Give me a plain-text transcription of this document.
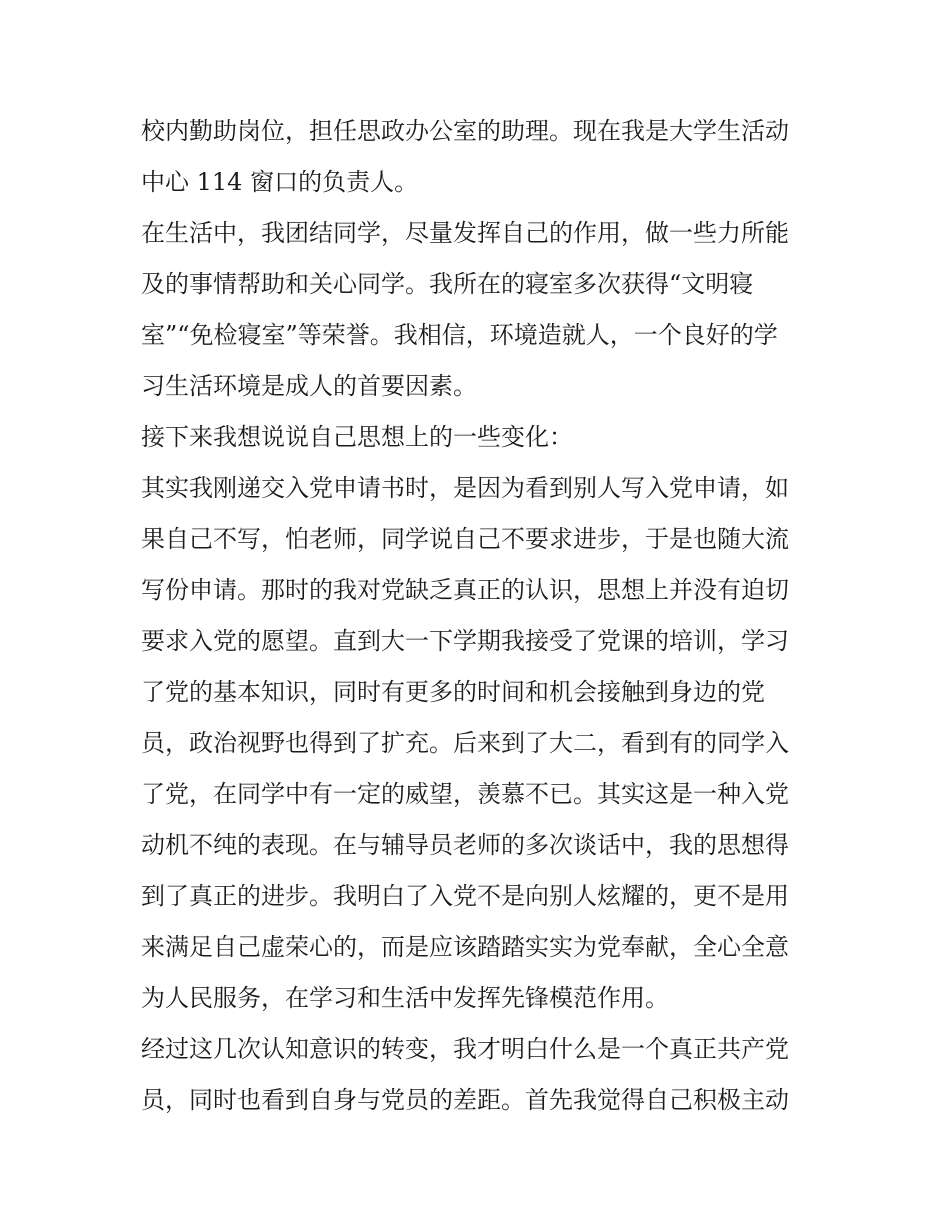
校内勤助岗位，担任思政办公室的助理。现在我是大学生活动
中心 114 窗口的负责人。
在生活中，我团结同学，尽量发挥自己的作用，做一些力所能
及的事情帮助和关心同学。我所在的寝室多次获得“文明寝
室”“免检寝室”等荣誉。我相信，环境造就人，一个良好的学
习生活环境是成人的首要因素。
接下来我想说说自己思想上的一些变化：
其实我刚递交入党申请书时，是因为看到别人写入党申请，如
果自己不写，怕老师，同学说自己不要求进步，于是也随大流
写份申请。那时的我对党缺乏真正的认识，思想上并没有迫切
要求入党的愿望。直到大一下学期我接受了党课的培训，学习
了党的基本知识，同时有更多的时间和机会接触到身边的党
员，政治视野也得到了扩充。后来到了大二，看到有的同学入
了党，在同学中有一定的威望，羡慕不已。其实这是一种入党
动机不纯的表现。在与辅导员老师的多次谈话中，我的思想得
到了真正的进步。我明白了入党不是向别人炫耀的，更不是用
来满足自己虚荣心的，而是应该踏踏实实为党奉献，全心全意
为人民服务，在学习和生活中发挥先锋模范作用。
经过这几次认知意识的转变，我才明白什么是一个真正共产党
员，同时也看到自身与党员的差距。首先我觉得自己积极主动
